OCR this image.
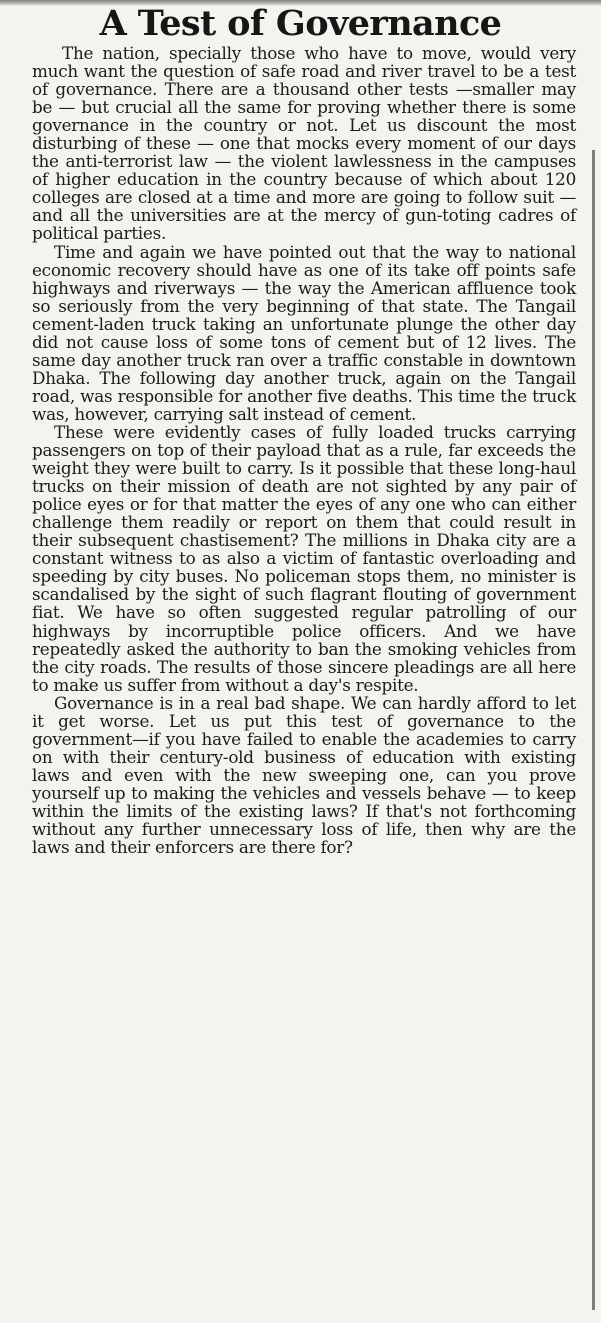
A Test of Governance

The nation, specially those who have to move, would very much want the question of safe road and river travel to be a test of governance. There are a thousand other tests —smaller may be — but crucial all the same for proving whether there is some governance in the country or not. Let us discount the most disturbing of these — one that mocks every moment of our days the anti-terrorist law — the violent lawlessness in the campuses of higher education in the country because of which about 120 colleges are closed at a time and more are going to follow suit — and all the universities are at the mercy of gun-toting cadres of political parties.

Time and again we have pointed out that the way to national economic recovery should have as one of its take off points safe highways and riverways — the way the American affluence took so seriously from the very beginning of that state. The Tangail cement-laden truck taking an unfortunate plunge the other day did not cause loss of some tons of cement but of 12 lives. The same day another truck ran over a traffic constable in downtown Dhaka. The following day another truck, again on the Tangail road, was responsible for another five deaths. This time the truck was, however, carrying salt instead of cement.

These were evidently cases of fully loaded trucks carrying passengers on top of their payload that as a rule, far exceeds the weight they were built to carry. Is it possible that these long-haul trucks on their mission of death are not sighted by any pair of police eyes or for that matter the eyes of any one who can either challenge them readily or report on them that could result in their subsequent chastisement? The millions in Dhaka city are a constant witness to as also a victim of fantastic overloading and speeding by city buses. No policeman stops them, no minister is scandalised by the sight of such flagrant flouting of government fiat. We have so often suggested regular patrolling of our highways by incorruptible police officers. And we have repeatedly asked the authority to ban the smoking vehicles from the city roads. The results of those sincere pleadings are all here to make us suffer from without a day's respite.

Governance is in a real bad shape. We can hardly afford to let it get worse. Let us put this test of governance to the government—if you have failed to enable the academies to carry on with their century-old business of education with existing laws and even with the new sweeping one, can you prove yourself up to making the vehicles and vessels behave — to keep within the limits of the existing laws? If that's not forthcoming without any further unnecessary loss of life, then why are the laws and their enforcers are there for?
